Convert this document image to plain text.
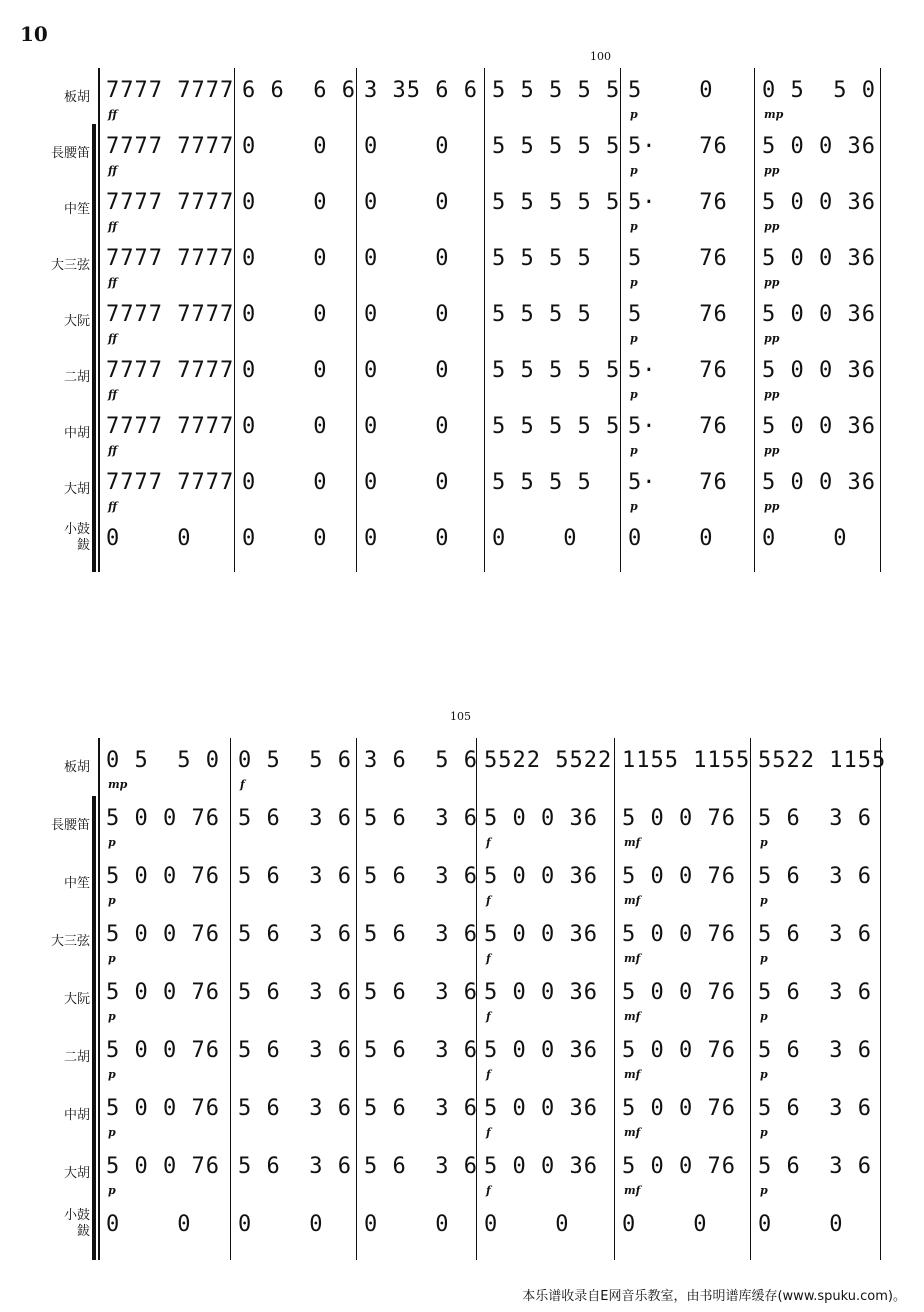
10
100
板胡 7777 7777
ff
6 6  6 6 3 35 6 6 5 5 5 5 5 5    0
p
0 5  5 0
mp
長腰笛 7777 7777
ff
0    0 0    0 5 5 5 5 5 5·   76
p
5 0 0 36
pp
中笙 7777 7777
ff
0    0 0    0 5 5 5 5 5 5·   76
p
5 0 0 36
pp
大三弦 7777 7777
ff
0    0 0    0 5 5 5 5 5    76
p
5 0 0 36
pp
大阮 7777 7777
ff
0    0 0    0 5 5 5 5 5    76
p
5 0 0 36
pp
二胡 7777 7777
ff
0    0 0    0 5 5 5 5 5 5·   76
p
5 0 0 36
pp
中胡 7777 7777
ff
0    0 0    0 5 5 5 5 5 5·   76
p
5 0 0 36
pp
大胡 7777 7777
ff
0    0 0    0 5 5 5 5 5·   76
p
5 0 0 36
pp
小鼓
鈸 0    0 0    0 0    0 0    0 0    0 0    0
105
板胡 0 5  5 0
mp
0 5  5 6
f
3 6  5 6 5522 5522 1155 1155 5522 1155
長腰笛 5 0 0 76
p
5 6  3 6 5 6  3 6 5 0 0 36
f
5 0 0 76
mf
5 6  3 6
p
中笙 5 0 0 76
p
5 6  3 6 5 6  3 6 5 0 0 36
f
5 0 0 76
mf
5 6  3 6
p
大三弦 5 0 0 76
p
5 6  3 6 5 6  3 6 5 0 0 36
f
5 0 0 76
mf
5 6  3 6
p
大阮 5 0 0 76
p
5 6  3 6 5 6  3 6 5 0 0 36
f
5 0 0 76
mf
5 6  3 6
p
二胡 5 0 0 76
p
5 6  3 6 5 6  3 6 5 0 0 36
f
5 0 0 76
mf
5 6  3 6
p
中胡 5 0 0 76
p
5 6  3 6 5 6  3 6 5 0 0 36
f
5 0 0 76
mf
5 6  3 6
p
大胡 5 0 0 76
p
5 6  3 6 5 6  3 6 5 0 0 36
f
5 0 0 76
mf
5 6  3 6
p
小鼓
鈸 0    0 0    0 0    0 0    0 0    0 0    0
本乐谱收录自E网音乐教室，由书明谱库缓存(www.spuku.com)。
